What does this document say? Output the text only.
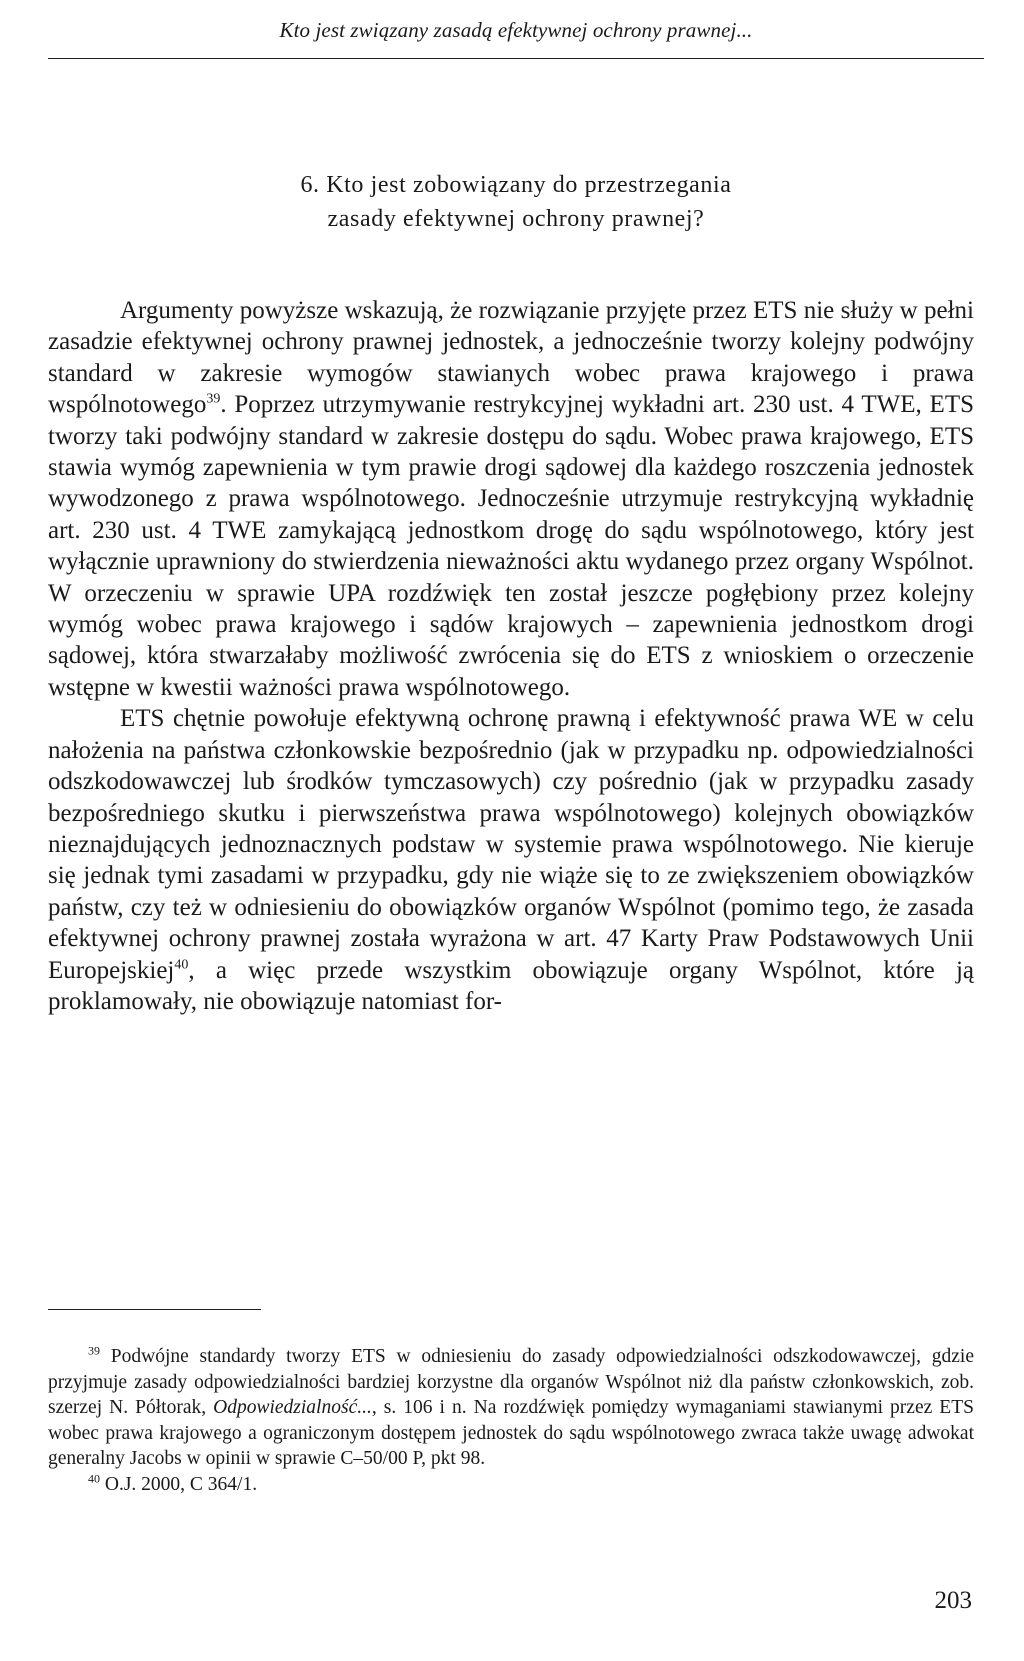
Kto jest związany zasadą efektywnej ochrony prawnej...
6. Kto jest zobowiązany do przestrzegania
zasady efektywnej ochrony prawnej?

Argumenty powyższe wskazują, że rozwiązanie przyjęte przez ETS nie służy w pełni zasadzie efektywnej ochrony prawnej jednostek, a jednocześnie tworzy kolejny podwójny standard w zakresie wymogów stawianych wobec prawa krajowego i prawa wspólnotowego$^{39}$. Poprzez utrzymywanie restrykcyjnej wykładni art. 230 ust. 4 TWE, ETS tworzy taki podwójny standard w zakresie dostępu do sądu. Wobec prawa krajowego, ETS stawia wymóg zapewnienia w tym prawie drogi sądowej dla każdego roszczenia jednostek wywodzonego z prawa wspólnotowego. Jednocześnie utrzymuje restrykcyjną wykładnię art. 230 ust. 4 TWE zamykającą jednostkom drogę do sądu wspólnotowego, który jest wyłącznie uprawniony do stwierdzenia nieważności aktu wydanego przez organy Wspólnot. W orzeczeniu w sprawie UPA rozdźwięk ten został jeszcze pogłębiony przez kolejny wymóg wobec prawa krajowego i sądów krajowych – zapewnienia jednostkom drogi sądowej, która stwarzałaby możliwość zwrócenia się do ETS z wnioskiem o orzeczenie wstępne w kwestii ważności prawa wspólnotowego.

ETS chętnie powołuje efektywną ochronę prawną i efektywność prawa WE w celu nałożenia na państwa członkowskie bezpośrednio (jak w przypadku np. odpowiedzialności odszkodowawczej lub środków tymczasowych) czy pośrednio (jak w przypadku zasady bezpośredniego skutku i pierwszeństwa prawa wspólnotowego) kolejnych obowiązków nieznajdujących jednoznacznych podstaw w systemie prawa wspólnotowego. Nie kieruje się jednak tymi zasadami w przypadku, gdy nie wiąże się to ze zwiększeniem obowiązków państw, czy też w odniesieniu do obowiązków organów Wspólnot (pomimo tego, że zasada efektywnej ochrony prawnej została wyrażona w art. 47 Karty Praw Podstawowych Unii Europejskiej$^{40}$, a więc przede wszystkim obowiązuje organy Wspólnot, które ją proklamowały, nie obowiązuje natomiast for-

$^{39}$ Podwójne standardy tworzy ETS w odniesieniu do zasady odpowiedzialności odszkodowawczej, gdzie przyjmuje zasady odpowiedzialności bardziej korzystne dla organów Wspólnot niż dla państw członkowskich, zob. szerzej N. Półtorak, Odpowiedzialność..., s. 106 i n. Na rozdźwięk pomiędzy wymaganiami stawianymi przez ETS wobec prawa krajowego a ograniczonym dostępem jednostek do sądu wspólnotowego zwraca także uwagę adwokat generalny Jacobs w opinii w sprawie C–50/00 P, pkt 98.

$^{40}$ O.J. 2000, C 364/1.

203
